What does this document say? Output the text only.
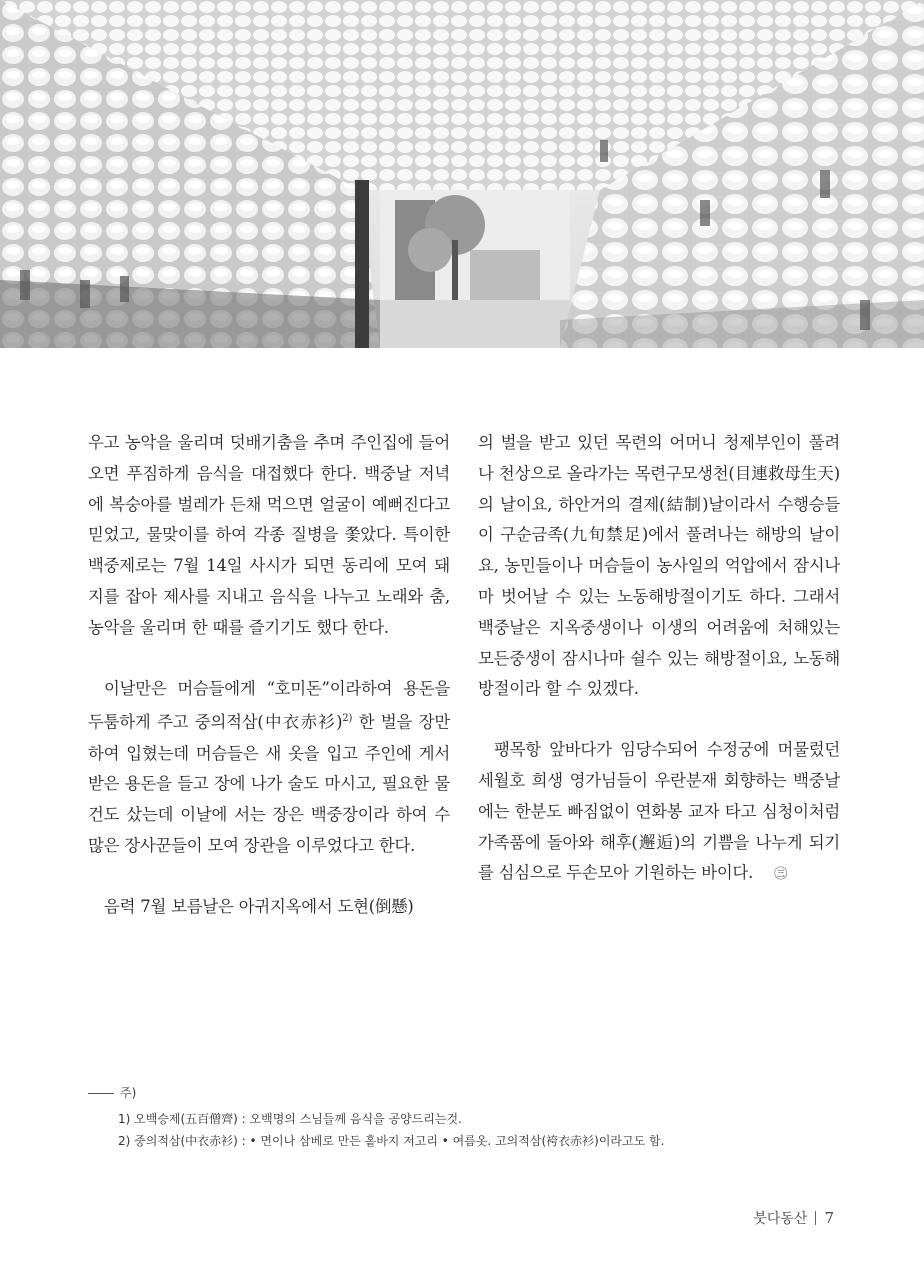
우고 농악을 울리며 덧배기춤을 추며 주인집에 들어오면 푸짐하게 음식을 대접했다 한다. 백중날 저녁에 복숭아를 벌레가 든채 먹으면 얼굴이 예뻐진다고 믿었고, 물맞이를 하여 각종 질병을 쫓았다. 특이한 백중제로는 7월 14일 사시가 되면 동리에 모여 돼지를 잡아 제사를 지내고 음식을 나누고 노래와 춤, 농악을 울리며 한 때를 즐기기도 했다 한다.

이날만은 머슴들에게 “호미돈”이라하여 용돈을 두툼하게 주고 중의적삼(中衣赤衫)$^{2)}$ 한 벌을 장만하여 입혔는데 머슴들은 새 옷을 입고 주인에 게서 받은 용돈을 들고 장에 나가 술도 마시고, 필요한 물건도 샀는데 이날에 서는 장은 백중장이라 하여 수많은 장사꾼들이 모여 장관을 이루었다고 한다.

음력 7월 보름날은 아귀지옥에서 도현(倒懸)

의 벌을 받고 있던 목련의 어머니 청제부인이 풀려나 천상으로 올라가는 목련구모생천(目連救母生天)의 날이요, 하안거의 결제(結制)날이라서 수행승들이 구순금족(九旬禁足)에서 풀려나는 해방의 날이요, 농민들이나 머슴들이 농사일의 억압에서 잠시나마 벗어날 수 있는 노동해방절이기도 하다. 그래서 백중날은 지옥중생이나 이생의 어려움에 처해있는 모든중생이 잠시나마 쉴수 있는 해방절이요, 노동해방절이라 할 수 있겠다.

팽목항 앞바다가 임당수되어 수정궁에 머물렀던 세월호 희생 영가님들이 우란분재 회향하는 백중날에는 한분도 빠짐없이 연화봉 교자 타고 심청이처럼 가족품에 돌아와 해후(邂逅)의 기쁨을 나누게 되기를 심심으로 두손모아 기원하는 바이다. ㊂

주)
1) 오백승제(五百僧齊) : 오백명의 스님들께 음식을 공양드리는것.
2) 중의적삼(中衣赤衫) : • 면이나 삼베로 만든 홑바지 저고리 • 여름옷. 고의적삼(袴衣赤衫)이라고도 함.
붓다동산 7
